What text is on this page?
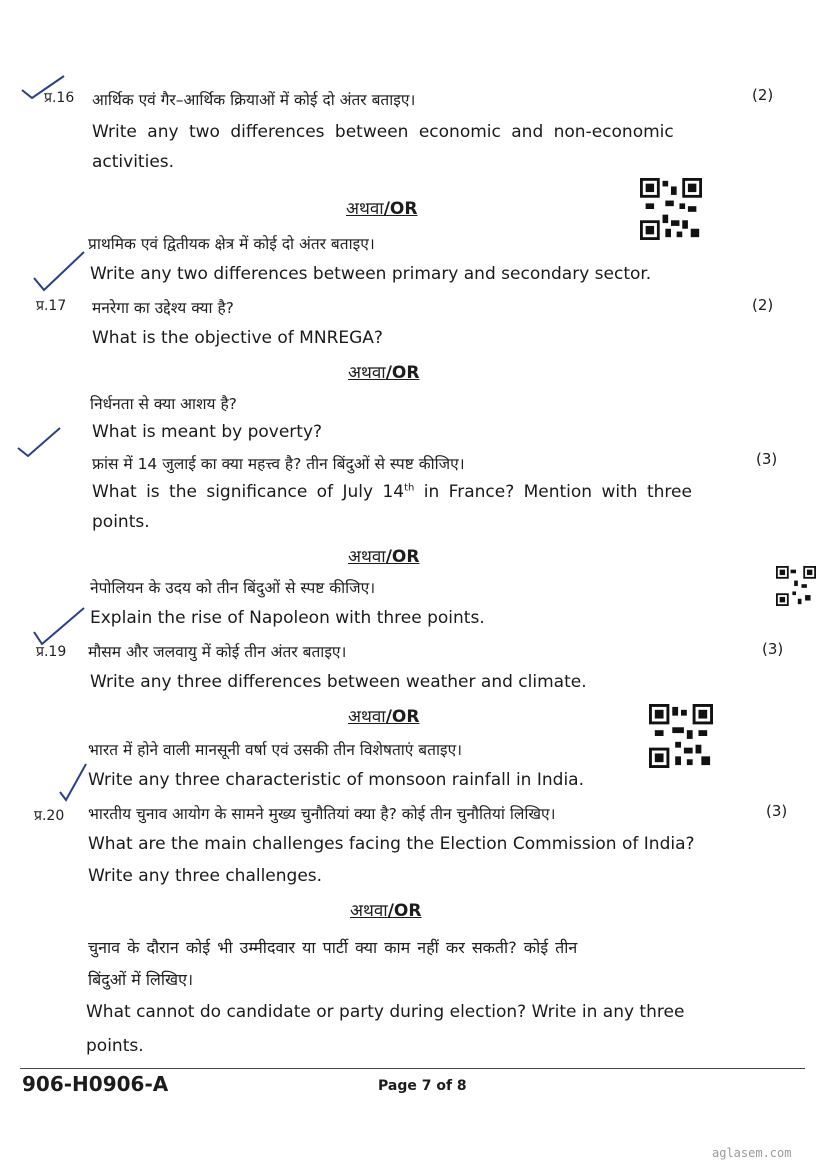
प्र.16 आर्थिक एवं गैर–आर्थिक क्रियाओं में कोई दो अंतर बताइए।	(2)
Write any two differences between economic and non-economic
activities.
अथवा/OR
प्राथमिक एवं द्वितीयक क्षेत्र में कोई दो अंतर बताइए।
Write any two differences between primary and secondary sector.
प्र.17 मनरेगा का उद्देश्य क्या है?	(2)
What is the objective of MNREGA?
अथवा/OR
निर्धनता से क्या आशय है?
What is meant by poverty?
फ्रांस में 14 जुलाई का क्या महत्त्व है? तीन बिंदुओं से स्पष्ट कीजिए।	(3)
What is the significance of July 14th in France? Mention with three
points.
अथवा/OR
नेपोलियन के उदय को तीन बिंदुओं से स्पष्ट कीजिए।
Explain the rise of Napoleon with three points.
प्र.19 मौसम और जलवायु में कोई तीन अंतर बताइए।	(3)
Write any three differences between weather and climate.
अथवा/OR
भारत में होने वाली मानसूनी वर्षा एवं उसकी तीन विशेषताएं बताइए।
Write any three characteristic of monsoon rainfall in India.
प्र.20 भारतीय चुनाव आयोग के सामने मुख्य चुनौतियां क्या है? कोई तीन चुनौतियां लिखिए।	(3)
What are the main challenges facing the Election Commission of India?
Write any three challenges.
अथवा/OR
चुनाव के दौरान कोई भी उम्मीदवार या पार्टी क्या काम नहीं कर सकती? कोई तीन
बिंदुओं में लिखिए।
What cannot do candidate or party during election? Write in any three
points.
906-H0906-A	Page 7 of 8
aglasem.com
